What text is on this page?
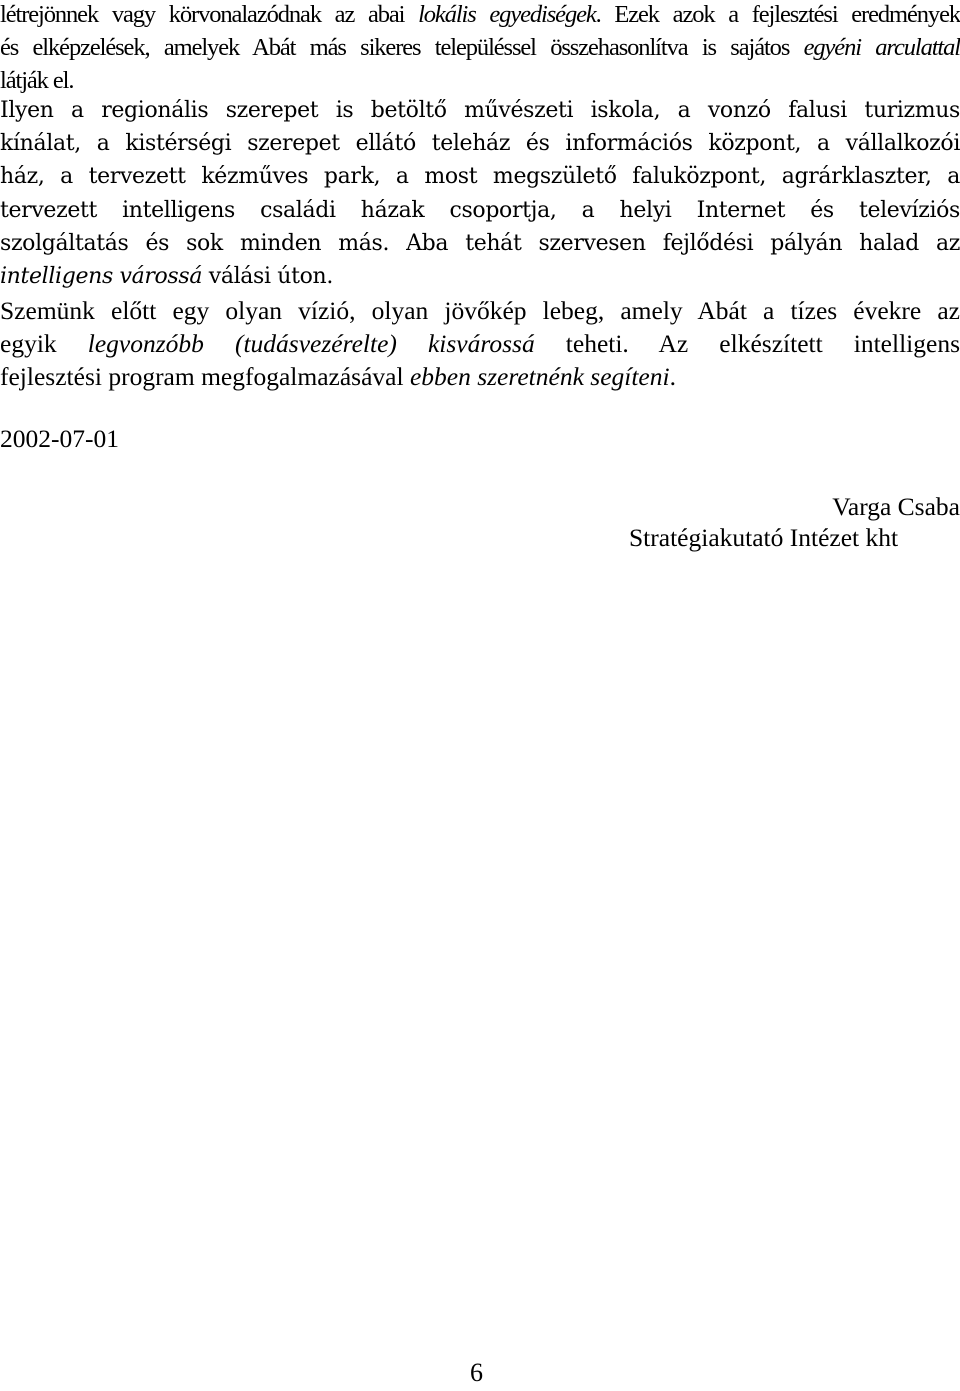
létrejönnek vagy körvonalazódnak az abai lokális egyediségek. Ezek azok a fejlesztési eredmények
és elképzelések, amelyek Abát más sikeres településsel összehasonlítva is sajátos egyéni arculattal
látják el.
Ilyen a regionális szerepet is betöltő művészeti iskola, a vonzó falusi turizmus
kínálat, a kistérségi szerepet ellátó teleház és információs központ, a vállalkozói
ház, a tervezett kézműves park, a most megszülető faluközpont, agrárklaszter, a
tervezett intelligens családi házak csoportja, a helyi Internet és televíziós
szolgáltatás és sok minden más. Aba tehát szervesen fejlődési pályán halad az
intelligens várossá válási úton.
Szemünk előtt egy olyan vízió, olyan jövőkép lebeg, amely Abát a tízes évekre az
egyik legvonzóbb (tudásvezérelte) kisvárossá teheti. Az elkészített intelligens
fejlesztési program megfogalmazásával ebben szeretnénk segíteni.
2002-07-01
Varga Csaba
Stratégiakutató Intézet kht
6
